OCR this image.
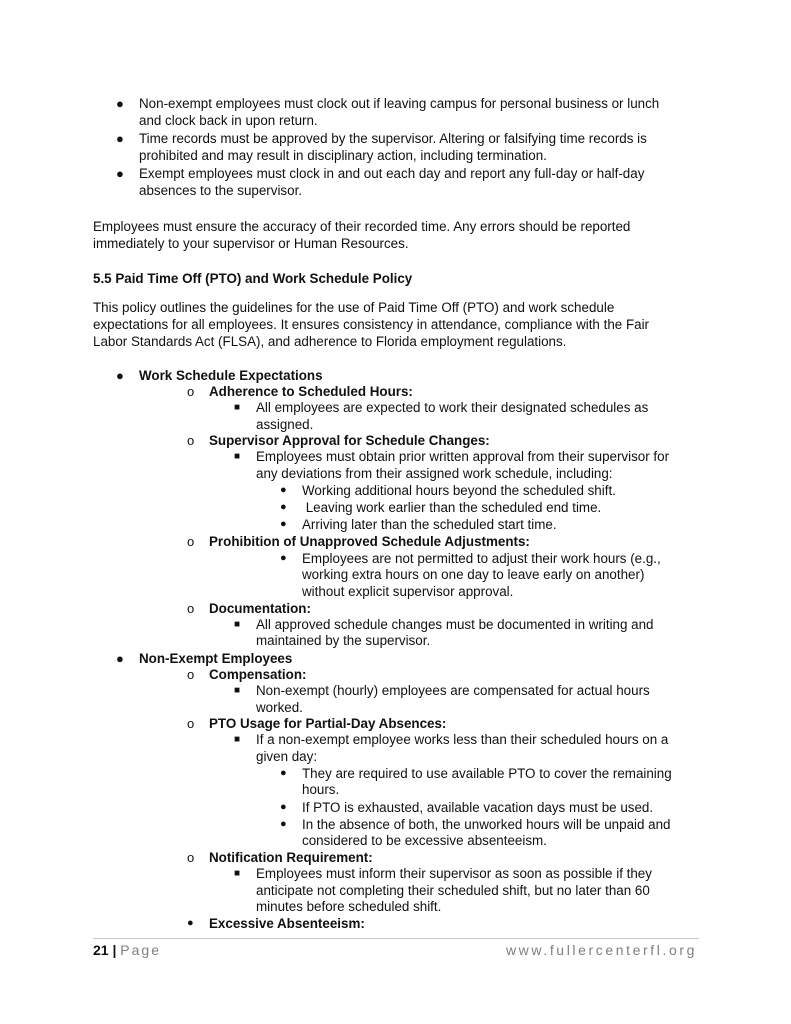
● Non-exempt employees must clock out if leaving campus for personal business or lunch
and clock back in upon return.
● Time records must be approved by the supervisor. Altering or falsifying time records is
prohibited and may result in disciplinary action, including termination.
● Exempt employees must clock in and out each day and report any full-day or half-day
absences to the supervisor.
Employees must ensure the accuracy of their recorded time. Any errors should be reported
immediately to your supervisor or Human Resources.
5.5 Paid Time Off (PTO) and Work Schedule Policy
This policy outlines the guidelines for the use of Paid Time Off (PTO) and work schedule
expectations for all employees. It ensures consistency in attendance, compliance with the Fair
Labor Standards Act (FLSA), and adherence to Florida employment regulations.
● Work Schedule Expectations
o Adherence to Scheduled Hours:
■ All employees are expected to work their designated schedules as
assigned.
o Supervisor Approval for Schedule Changes:
■ Employees must obtain prior written approval from their supervisor for
any deviations from their assigned work schedule, including:
● Working additional hours beyond the scheduled shift.
● Leaving work earlier than the scheduled end time.
● Arriving later than the scheduled start time.
o Prohibition of Unapproved Schedule Adjustments:
● Employees are not permitted to adjust their work hours (e.g.,
working extra hours on one day to leave early on another)
without explicit supervisor approval.
o Documentation:
■ All approved schedule changes must be documented in writing and
maintained by the supervisor.
● Non-Exempt Employees
o Compensation:
■ Non-exempt (hourly) employees are compensated for actual hours
worked.
o PTO Usage for Partial-Day Absences:
■ If a non-exempt employee works less than their scheduled hours on a
given day:
● They are required to use available PTO to cover the remaining
hours.
● If PTO is exhausted, available vacation days must be used.
● In the absence of both, the unworked hours will be unpaid and
considered to be excessive absenteeism.
o Notification Requirement:
■ Employees must inform their supervisor as soon as possible if they
anticipate not completing their scheduled shift, but no later than 60
minutes before scheduled shift.
● Excessive Absenteeism:
21 | Page	www.fullercenterfl.org
